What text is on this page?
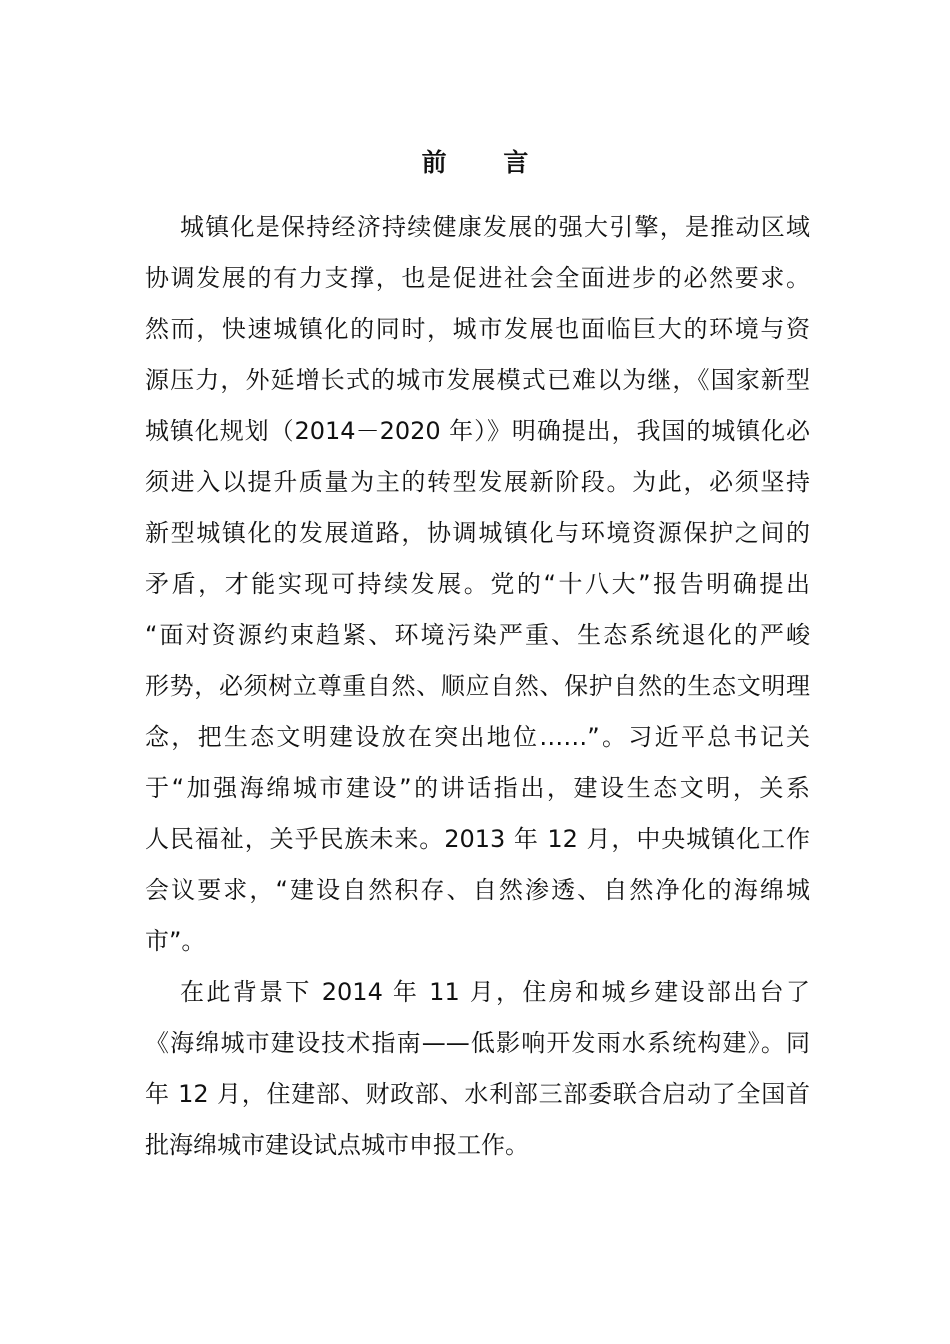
前 言
城镇化是保持经济持续健康发展的强大引擎，是推动区域
协调发展的有力支撑，也是促进社会全面进步的必然要求。
然而，快速城镇化的同时，城市发展也面临巨大的环境与资
源压力，外延增长式的城市发展模式已难以为继，《国家新型
城镇化规划（2014－2020 年）》明确提出，我国的城镇化必
须进入以提升质量为主的转型发展新阶段。为此，必须坚持
新型城镇化的发展道路，协调城镇化与环境资源保护之间的
矛盾，才能实现可持续发展。党的“十八大”报告明确提出
“面对资源约束趋紧、环境污染严重、生态系统退化的严峻
形势，必须树立尊重自然、顺应自然、保护自然的生态文明理
念，把生态文明建设放在突出地位……”。习近平总书记关
于“加强海绵城市建设”的讲话指出，建设生态文明，关系
人民福祉，关乎民族未来。2013 年 12 月，中央城镇化工作
会议要求，“建设自然积存、自然渗透、自然净化的海绵城
市”。
在此背景下 2014 年 11 月，住房和城乡建设部出台了
《海绵城市建设技术指南——低影响开发雨水系统构建》。同
年 12 月，住建部、财政部、水利部三部委联合启动了全国首
批海绵城市建设试点城市申报工作。
